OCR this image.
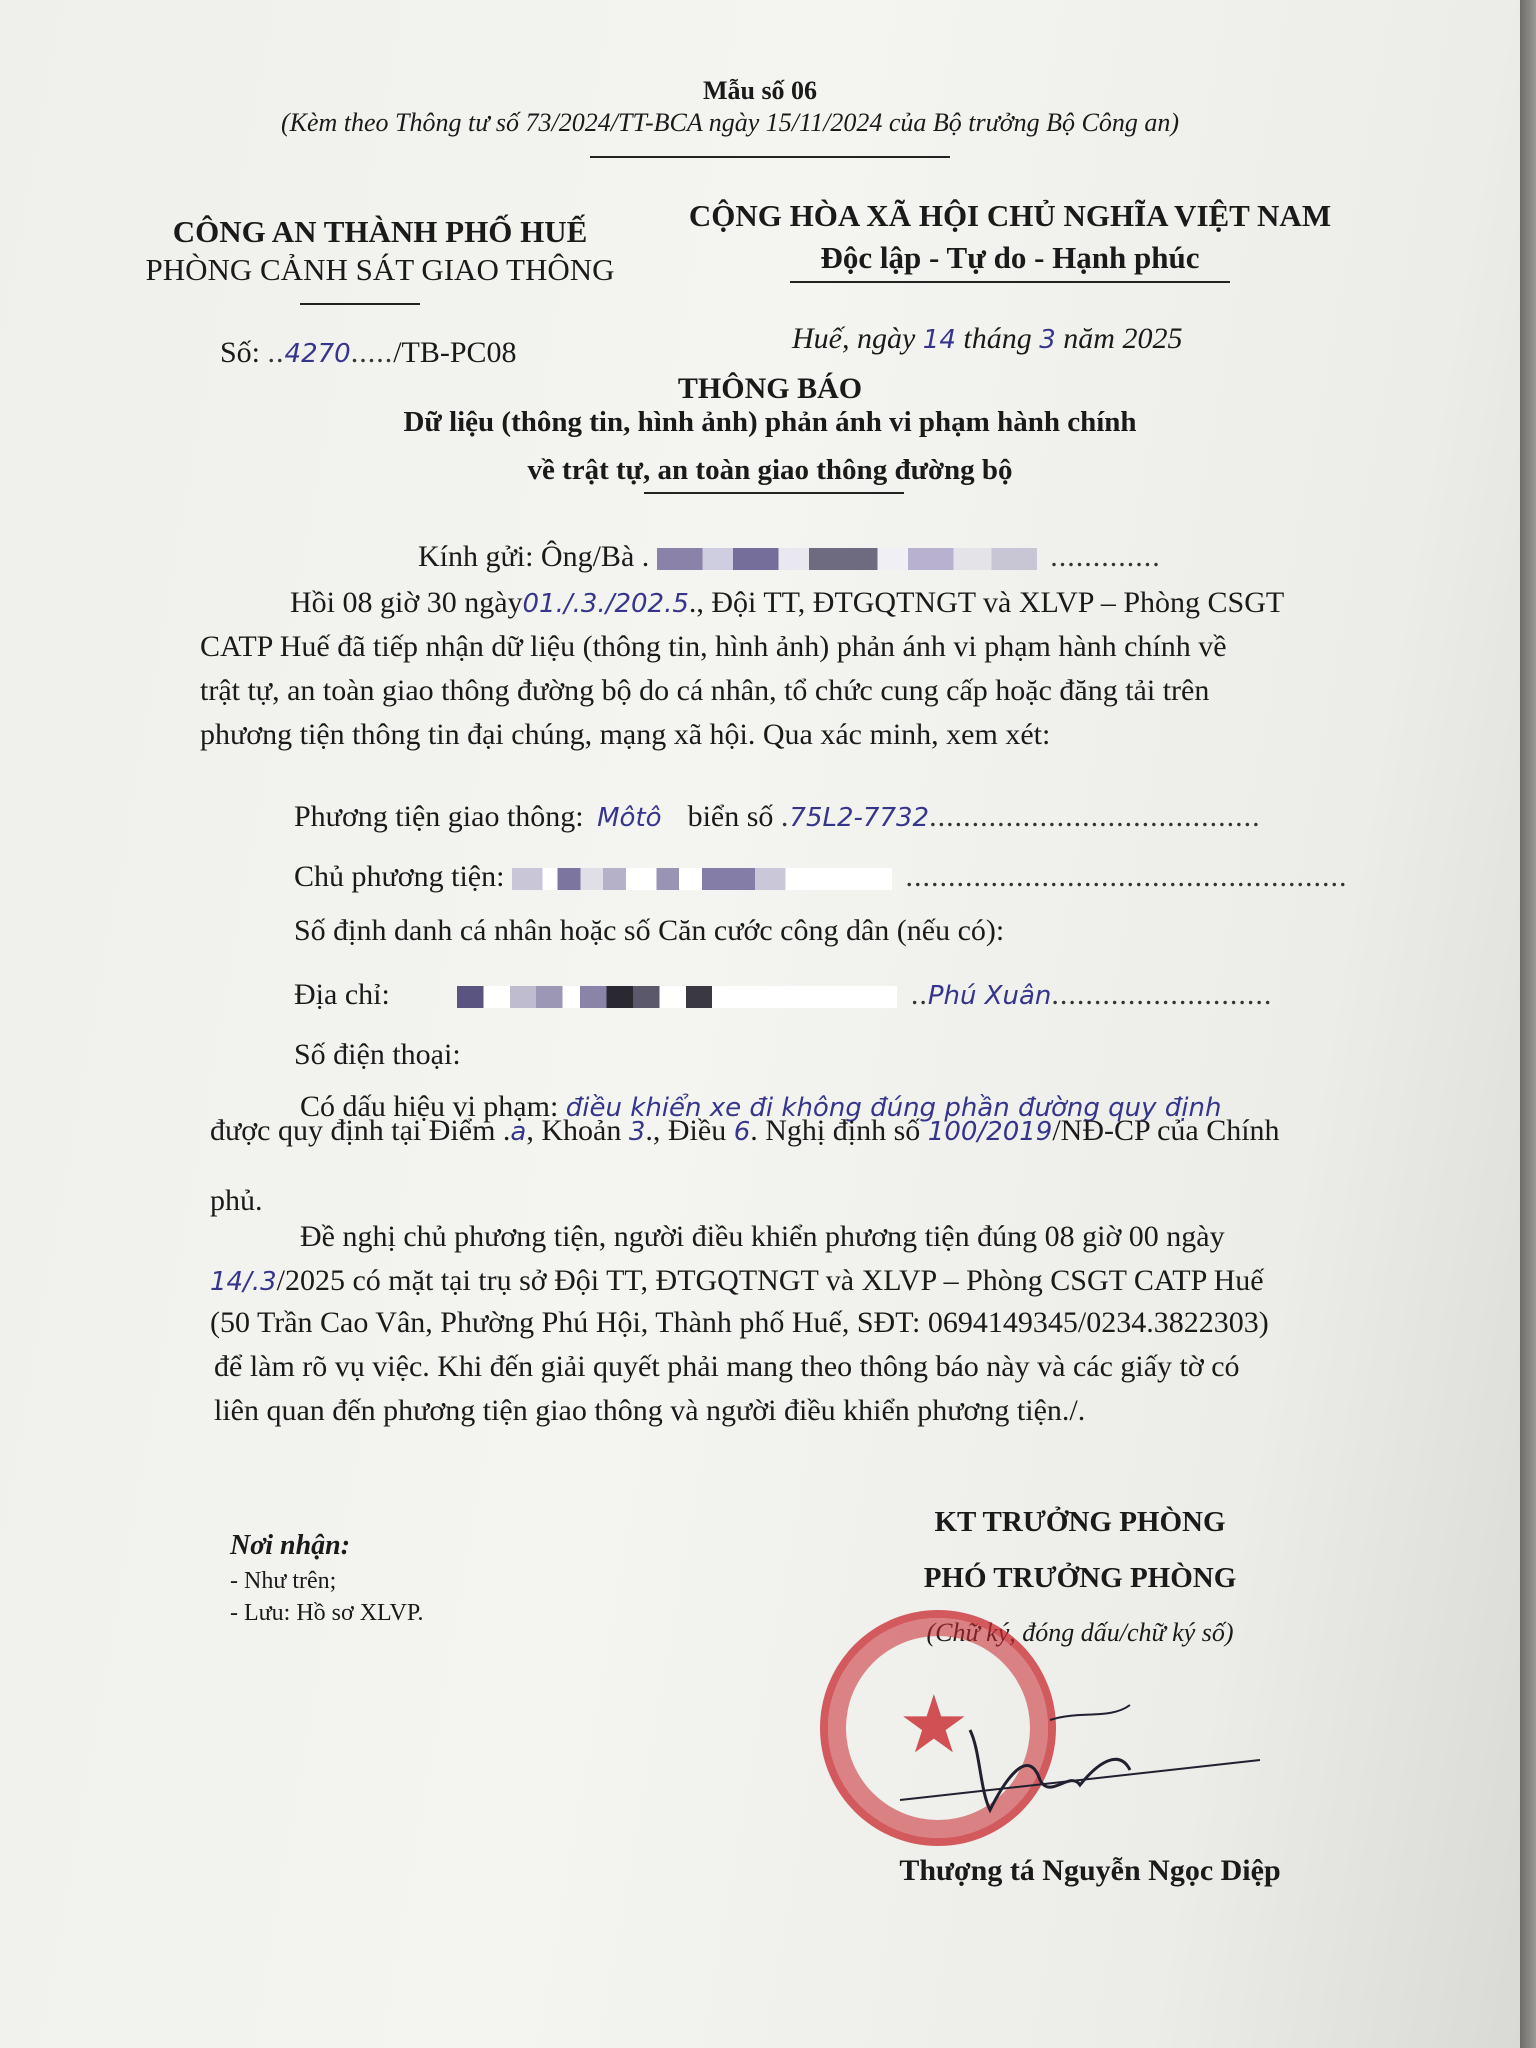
Mẫu số 06
(Kèm theo Thông tư số 73/2024/TT-BCA ngày 15/11/2024 của Bộ trưởng Bộ Công an)
CÔNG AN THÀNH PHỐ HUẾ
PHÒNG CẢNH SÁT GIAO THÔNG
CỘNG HÒA XÃ HỘI CHỦ NGHĨA VIỆT NAM
Độc lập - Tự do - Hạnh phúc
Số: ..4270...../TB-PC08	Huế, ngày 14 tháng 3 năm 2025
THÔNG BÁO
Dữ liệu (thông tin, hình ảnh) phản ánh vi phạm hành chính
về trật tự, an toàn giao thông đường bộ
Kính gửi: Ông/Bà .	.............
Hồi 08 giờ 30 ngày01./.3./202.5., Đội TT, ĐTGQTNGT và XLVP – Phòng CSGT
CATP Huế đã tiếp nhận dữ liệu (thông tin, hình ảnh) phản ánh vi phạm hành chính về
trật tự, an toàn giao thông đường bộ do cá nhân, tổ chức cung cấp hoặc đăng tải trên
phương tiện thông tin đại chúng, mạng xã hội. Qua xác minh, xem xét:
Phương tiện giao thông: Môtô biển số .75L2-7732.......................................
Chủ phương tiện:	....................................................
Số định danh cá nhân hoặc số Căn cước công dân (nếu có):
Địa chỉ:	..Phú Xuân..........................
Số điện thoại:
Có dấu hiệu vi phạm: điều khiển xe đi không đúng phần đường quy định
được quy định tại Điểm .a, Khoản 3., Điều 6. Nghị định số 100/2019/NĐ-CP của Chính
phủ.
Đề nghị chủ phương tiện, người điều khiển phương tiện đúng 08 giờ 00 ngày
14/.3/2025 có mặt tại trụ sở Đội TT, ĐTGQTNGT và XLVP – Phòng CSGT CATP Huế
(50 Trần Cao Vân, Phường Phú Hội, Thành phố Huế, SĐT: 0694149345/0234.3822303)
để làm rõ vụ việc. Khi đến giải quyết phải mang theo thông báo này và các giấy tờ có
liên quan đến phương tiện giao thông và người điều khiển phương tiện./.
Nơi nhận:
- Như trên;
- Lưu: Hồ sơ XLVP.
KT TRƯỞNG PHÒNG
PHÓ TRƯỞNG PHÒNG
(Chữ ký, đóng dấu/chữ ký số)
★
Thượng tá Nguyễn Ngọc Diệp
